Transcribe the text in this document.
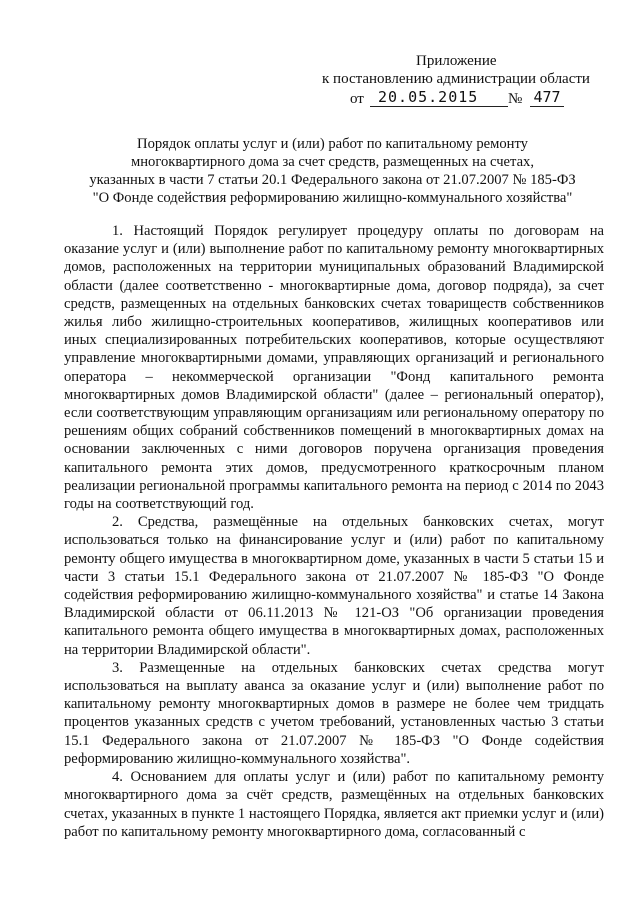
Приложение
к постановлению администрации области
от 20.05.2015	№ 477
Порядок оплаты услуг и (или) работ по капитальному ремонту
многоквартирного дома за счет средств, размещенных на счетах,
указанных в части 7 статьи 20.1 Федерального закона от 21.07.2007 № 185-ФЗ
"О Фонде содействия реформированию жилищно-коммунального хозяйства"

1. Настоящий Порядок регулирует процедуру оплаты по договорам на оказание услуг и (или) выполнение работ по капитальному ремонту многоквартирных домов, расположенных на территории муниципальных образований Владимирской области (далее соответственно - многоквартирные дома, договор подряда), за счет средств, размещенных на отдельных банковских счетах товариществ собственников жилья либо жилищно-строительных кооперативов, жилищных кооперативов или иных специализированных потребительских кооперативов, которые осуществляют управление многоквартирными домами, управляющих организаций и регионального оператора – некоммерческой организации "Фонд капитального ремонта многоквартирных домов Владимирской области" (далее – региональный оператор), если соответствующим управляющим организациям или региональному оператору по решениям общих собраний собственников помещений в многоквартирных домах на основании заключенных с ними договоров поручена организация проведения капитального ремонта этих домов, предусмотренного краткосрочным планом реализации региональной программы капитального ремонта на период с 2014 по 2043 годы на соответствующий год.

2. Средства, размещённые на отдельных банковских счетах, могут использоваться только на финансирование услуг и (или) работ по капитальному ремонту общего имущества в многоквартирном доме, указанных в части 5 статьи 15 и части 3 статьи 15.1 Федерального закона от 21.07.2007 № 185-ФЗ "О Фонде содействия реформированию жилищно-коммунального хозяйства" и статье 14 Закона Владимирской области от 06.11.2013 № 121-ОЗ "Об организации проведения капитального ремонта общего имущества в многоквартирных домах, расположенных на территории Владимирской области".

3. Размещенные на отдельных банковских счетах средства могут использоваться на выплату аванса за оказание услуг и (или) выполнение работ по капитальному ремонту многоквартирных домов в размере не более чем тридцать процентов указанных средств с учетом требований, установленных частью 3 статьи 15.1 Федерального закона от 21.07.2007 № 185-ФЗ "О Фонде содействия реформированию жилищно-коммунального хозяйства".

4. Основанием для оплаты услуг и (или) работ по капитальному ремонту многоквартирного дома за счёт средств, размещённых на отдельных банковских счетах, указанных в пункте 1 настоящего Порядка, является акт приемки услуг и (или) работ по капитальному ремонту многоквартирного дома, согласованный с
